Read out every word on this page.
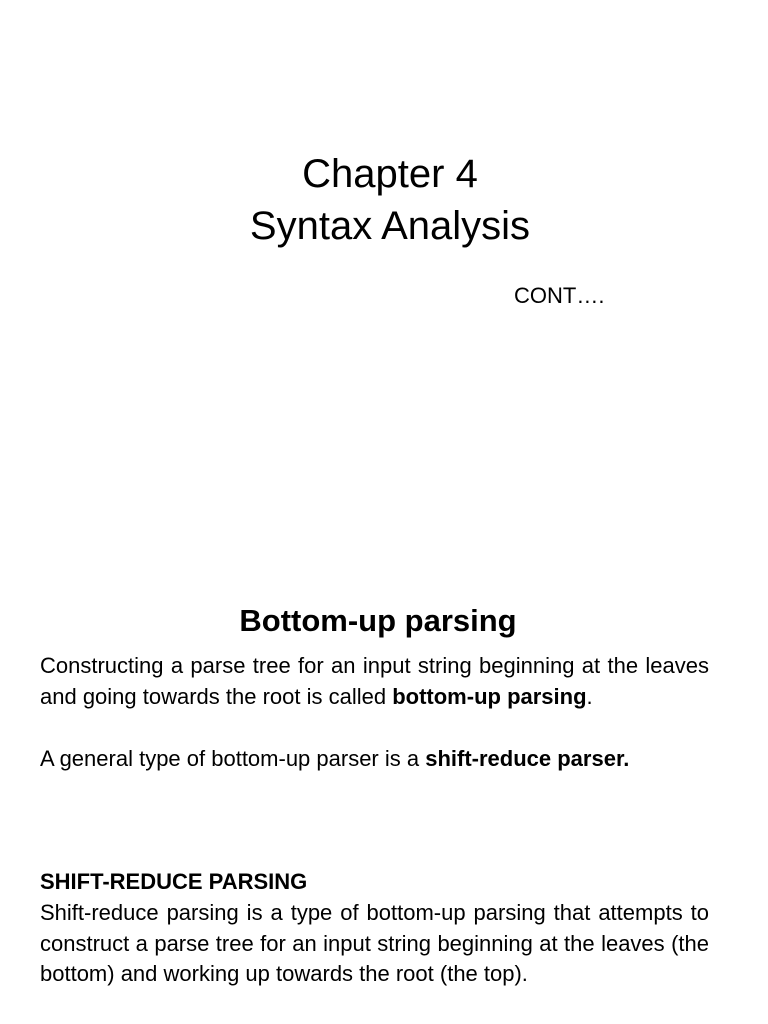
Chapter 4
Syntax Analysis
CONT….
Bottom-up parsing

Constructing a parse tree for an input string beginning at the leaves and going towards the root is called bottom-up parsing.

A general type of bottom-up parser is a shift-reduce parser.

SHIFT-REDUCE PARSING

Shift-reduce parsing is a type of bottom-up parsing that attempts to construct a parse tree for an input string beginning at the leaves (the bottom) and working up towards the root (the top).
